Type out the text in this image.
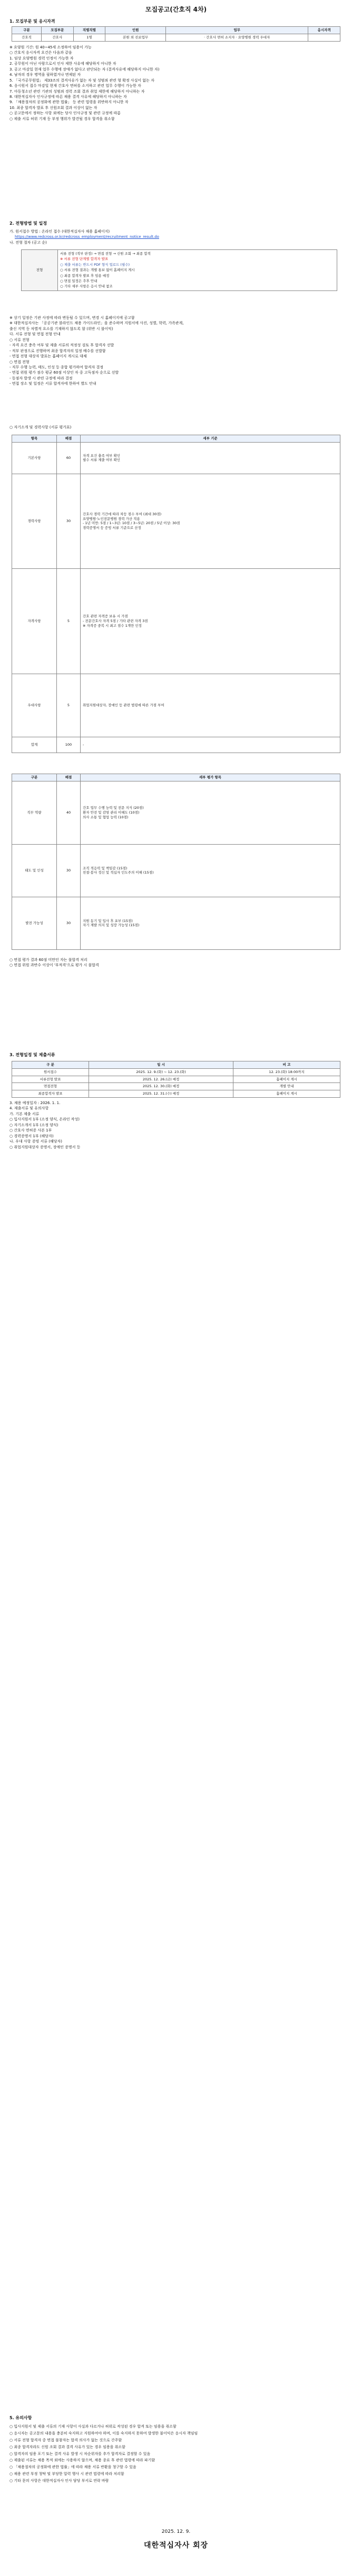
모집공고(간호직 4차)
1. 모집부문 및 응시자격
구분	모집부문	직렬직렬	인원	업무	응시자격
간호직	간호사	1명	본원 외 진료업무	· 간호사 면허 소지자 · 요양병원 경력 우대자	

※ 요양원 기간: 원 40~45세 소정하여 임용이 가능

○ 간호직 응시자격 요건은 다음과 같음

1. 임상 요양병원 경력 인정이 가능한 자

2. 공무원이 아닌 사람으로서 인사 제한 사유에 해당하지 아니한 자

3. 공고 마감일 현재 업무 수행에 장애가 없다고 판단되는 자 (결격사유에 해당하지 아니한 자)

4. 남자의 경우 병역을 필하였거나 면제된 자

5. 「국가공무원법」 제33조의 결격사유가 없는 자 및 성범죄 관련 형 확정 사실이 없는 자

6. 응시원서 접수 마감일 현재 간호사 면허를 소지하고 관련 업무 수행이 가능한 자

7. 아동청소년 관련 기관의 성범죄 경력 조회 결과 취업 제한에 해당하지 아니하는 자

8. 대한적십자사 인사규정에 따른 채용 결격 사유에 해당하지 아니하는 자

9. 「채용절차의 공정화에 관한 법률」 등 관련 법령을 위반하지 아니한 자

10. 최종 합격자 발표 후 신원조회 결과 이상이 없는 자

○ 공고문에서 정하는 사항 외에는 당사 인사규정 및 관련 규정에 따름

○ 제출 서류 허위 기재 등 부정 행위가 발견될 경우 합격을 취소함

2. 전형방법 및 일정

가. 원서접수 방법 : 온라인 접수 (대한적십자사 채용 홈페이지)

https://www.redcross.or.kr/redcross_employment/recruitment_notice_result.do

나. 전형 절차 (공고 순)

전형	
서류 전형 (적부 판정) → 면접 전형 → 신원 조회 → 최종 합격
※ 서류 전형 단계별 합격자 발표
○ 제출 서류는 반드시 PDF 형식 업로드 (필수)
○ 서류 전형 결과는 개별 통보 없이 홈페이지 게시
○ 최종 합격자 발표 후 임용 예정
○ 면접 일정은 추후 안내
○ 기타 세부 사항은 응시 안내 참조

※ 상기 일정은 기관 사정에 따라 변동될 수 있으며, 변경 시 홈페이지에 공고함

※ 대한적십자사는 「공공기관 블라인드 채용 가이드라인」을 준수하며 지원서에 사진, 성별, 학력, 가족관계,

출신 지역 등 차별적 요소를 기재하지 않도록 함 (위반 시 불이익)

다. 서류 전형 및 면접 전형 안내

○ 서류 전형

- 자격 요건 충족 여부 및 제출 서류의 적정성 검토 후 합격자 선발

- 적부 판정으로 진행하며 최종 합격자의 일정 배수를 선발함

- 면접 전형 대상자 발표는 홈페이지 게시로 대체

○ 면접 전형

- 직무 수행 능력, 태도, 인성 등 종합 평가하여 합격자 결정

- 면접 위원 평가 점수 평균 60점 이상인 자 중 고득점자 순으로 선발

- 동점자 발생 시 관련 규정에 따라 결정

- 면접 장소 및 일정은 서류 합격자에 한하여 별도 안내

○ 자기소개 및 경력사항 (서류 평가표)
항목	배점	세부 기준
기본사항	60	자격 요건 충족 여부 확인
필수 서류 제출 여부 확인

경력사항	30	간호사 경력 기간에 따라 차등 점수 부여 (최대 30점)
요양병원·노인전문병원 경력 가산 적용
- 1년 미만: 5점 / 1~3년: 10점 / 3~5년: 20점 / 5년 이상: 30점
경력증명서 등 증빙 서류 기준으로 산정

자격사항	5	간호 관련 자격증 보유 시 가점
- 전문간호사 자격 5점 / 기타 관련 자격 3점
※ 자격증 중복 시 최고 점수 1개만 인정

우대사항	5	취업지원대상자, 장애인 등 관련 법령에 따른 가점 부여

합계	100	-
구분	배점	세부 평가 항목
직무 역량	40	간호 업무 수행 능력 및 전문 지식 (20점)
환자 안전 및 감염 관리 이해도 (10점)
의사 소통 및 협업 능력 (10점)

태도 및 인성	30	조직 적응력 및 책임감 (15점)
친절·봉사 정신 및 적십자 인도주의 이해 (15점)

발전 가능성	30	지원 동기 및 입사 후 포부 (15점)
자기 계발 의지 및 성장 가능성 (15점)

○ 면접 평가 결과 60점 미만인 자는 불합격 처리

○ 면접 위원 과반수 이상이 '부적격'으로 평가 시 불합격

3. 전형일정 및 제출서류
구 분	일 시	비 고
원서접수	2025. 12. 9.(화) ~ 12. 23.(화)	12. 23.(화) 18:00까지
서류전형 발표	2025. 12. 26.(금) 예정	홈페이지 게시
면접전형	2025. 12. 30.(화) 예정	개별 안내
최종합격자 발표	2025. 12. 31.(수) 예정	홈페이지 게시

3. 채용 예정일자 : 2026. 1. 1.

4. 제출서류 및 유의사항

가. 기본 제출 서류

○ 입사지원서 1부 (소정 양식, 온라인 작성)

○ 자기소개서 1부 (소정 양식)

○ 간호사 면허증 사본 1부

○ 경력증명서 1부 (해당자)

나. 우대 사항 증빙 서류 (해당자)

○ 취업지원대상자 증명서, 장애인 증명서 등

5. 유의사항

○ 입사지원서 및 제출 서류의 기재 사항이 사실과 다르거나 허위로 작성된 경우 합격 또는 임용을 취소함

○ 응시자는 공고문의 내용을 충분히 숙지하고 지원하여야 하며, 이를 숙지하지 못하여 발생한 불이익은 응시자 책임임

○ 서류 전형 합격자 중 면접 불참자는 합격 의사가 없는 것으로 간주함

○ 최종 합격자라도 신원 조회 결과 결격 사유가 있는 경우 임용을 취소함

○ 합격자의 임용 포기 또는 결격 사유 발생 시 차순위자를 추가 합격자로 결정할 수 있음

○ 제출된 서류는 채용 목적 외에는 사용하지 않으며, 채용 종료 후 관련 법령에 따라 파기함

○ 「채용절차의 공정화에 관한 법률」에 따라 채용 서류 반환을 청구할 수 있음

○ 채용 관련 부정 청탁 및 부당한 압력 행사 시 관련 법령에 따라 처리함

○ 기타 문의 사항은 대한적십자사 인사 담당 부서로 연락 바람

2025. 12. 9.
대한적십자사 회장
